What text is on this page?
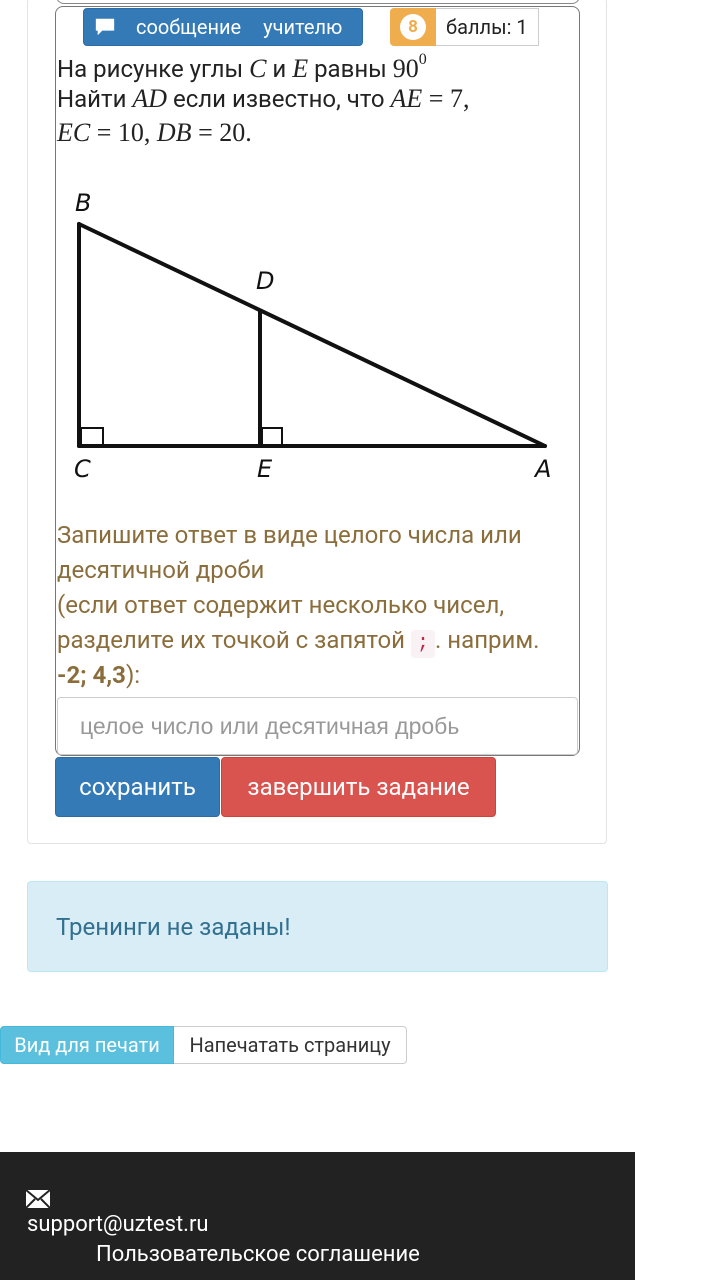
сообщение учителю	8	баллы: 1
На рисунке углы C и E равны $90^0$
Найти AD если известно, что AE = 7,
EC = 10, DB = 20.
B
D
C	E	A
Запишите ответ в виде целого числа или десятичной дроби
(если ответ содержит несколько чисел, разделите их точкой с запятой ; . наприм.
-2; 4,3):
целое число или десятичная дробь
сохранить	завершить задание
Тренинги не заданы!
Вид для печати	Напечатать страницу
support@uztest.ru
Пользовательское соглашение
